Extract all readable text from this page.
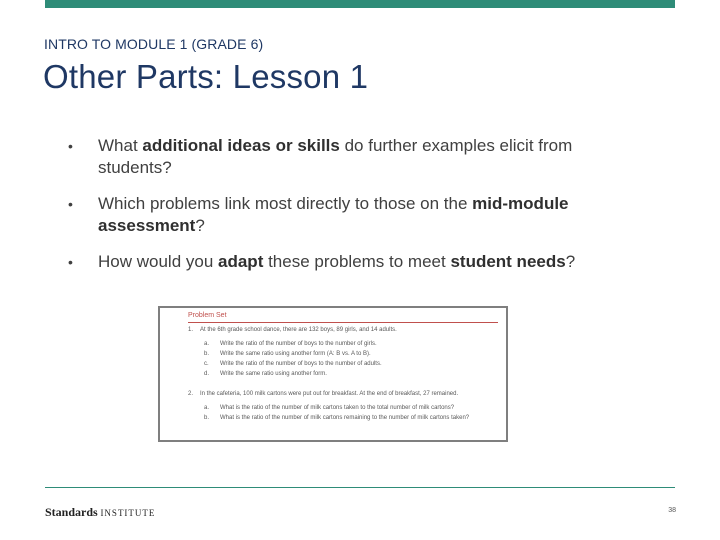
INTRO TO MODULE 1 (GRADE 6)
Other Parts: Lesson 1
• What additional ideas or skills do further examples elicit from students?
• Which problems link most directly to those on the mid-module assessment?
• How would you adapt these problems to meet student needs?
Problem Set
1. At the 6th grade school dance, there are 132 boys, 89 girls, and 14 adults.
a. Write the ratio of the number of boys to the number of girls.
b. Write the same ratio using another form (A: B vs. A to B).
c. Write the ratio of the number of boys to the number of adults.
d. Write the same ratio using another form.
2. In the cafeteria, 100 milk cartons were put out for breakfast. At the end of breakfast, 27 remained.
a. What is the ratio of the number of milk cartons taken to the total number of milk cartons?
b. What is the ratio of the number of milk cartons remaining to the number of milk cartons taken?
Standards INSTITUTE	38
